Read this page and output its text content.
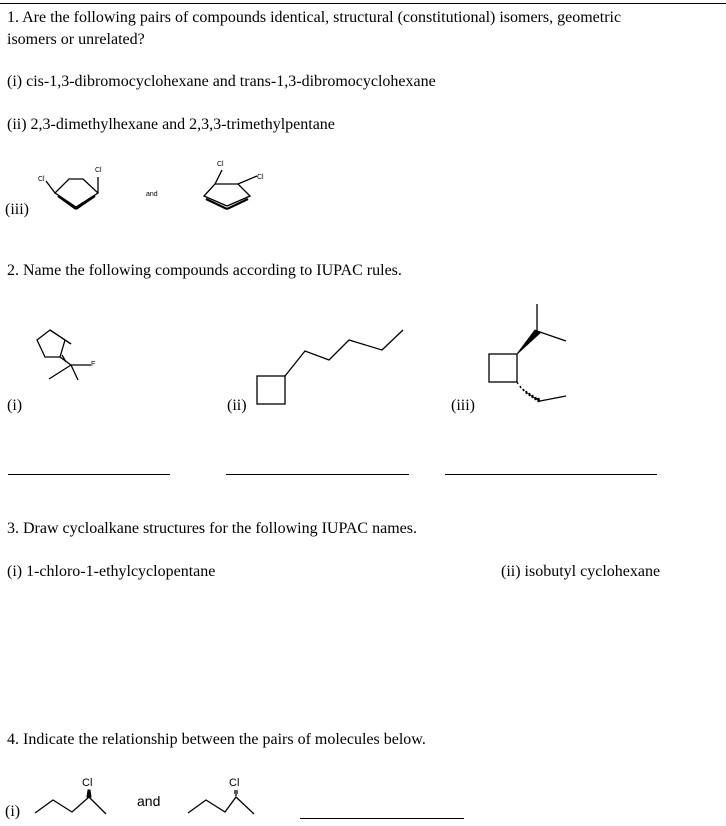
1. Are the following pairs of compounds identical, structural (constitutional) isomers, geometric
isomers or unrelated?
(i) cis-1,3-dibromocyclohexane and trans-1,3-dibromocyclohexane
(ii) 2,3-dimethylhexane and 2,3,3-trimethylpentane
(iii)
Cl
Cl
and
Cl
Cl
2. Name the following compounds according to IUPAC rules.
F
(i)	(ii)	(iii)
3. Draw cycloalkane structures for the following IUPAC names.
(i) 1-chloro-1-ethylcyclopentane	(ii) isobutyl cyclohexane
4. Indicate the relationship between the pairs of molecules below.
Cl
and
Cl
(i)
